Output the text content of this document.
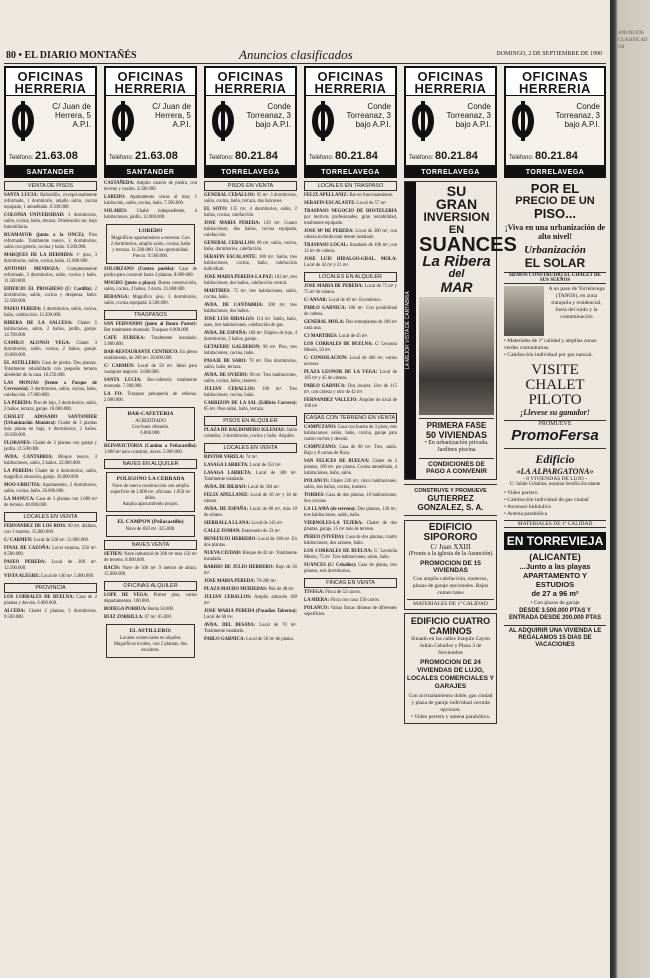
80 • EL DIARIO MONTAÑÉS	Anuncios clasificados	DOMINGO, 2 DE SEPTIEMBRE DE 1990
OFICINAS HERRERIA
C/ Juan de
Herrera, 5
A.P.I.
Teléfono: 21.63.08
SANTANDER
VENTA DE PISOS
SANTA LUCIA: Bañoidillo, excepcionalmente reformado, 1 dormitorio, amplio salón, cocina equipada, 1 amueblado. 8.500.000.
COLONIA UNIVERSIDAD: 3 dormitorios, salón, cocina, baño, terraza. Orientación sur, bajo Inmobiliaria.
RUAMAYOR (junto a la ONCE): Piso reformado. Totalmente nuevo, 3 dormitorios, salón con galería, cocina y baño. 9.500.000.
MARQUES DE LA HERMIDA: 1º piso, 3 dormitorios, salón, cocina, baño. 11.000.000.
ANTONIO MENDOZA: Completamente reformado, 3 dormitorios, salón, cocina y baño. 11.500.000.
EDIFICIO EL PROGRESO (C/ Castilla): 2 dormitorios, salón, cocina y despensa, baño. 12.500.000.
PASEO PEREDA: 3 dormitorios, salón, cocina, baño, calefacción. 13.200.000.
RIBERA DE LA SALCESA: Chalet 5 habitaciones, salón, 2 baños, jardín, garaje. 14.700.000.
CAMILO ALONSO VEGA: Chalet 3 dormitorios, salón, cocina, 2 baños, garaje. 16.000.000.
EL ASTILLERO: Casa de piedra. Dos plantas. Totalmente rehabilitada con pequeño terreno alrededor de la casa. 16.250.000.
LAS MONJAS (frente a Parque de Cervecería): 3 dormitorios, salón, cocina, baño, calefacción. 17.000.000.
LA PEREDA: Piso de lujo, 3 dormitorios, salón, 2 baños, terraza, garaje. 18.000.000.
CHALET ADOSADO SANTANDER (Urbanización Altamira): Chalet de 3 plantas más planta en baja, 4 dormitorios, 2 baños. 18.500.000.
FLORANES: Chalet de 3 plantas con garaje y jardín. 21.500.000.
AVDA. CANTABRIA: Bloque nuevo, 3 habitaciones, salón, 2 baños. 23.000.000.
LA PEREDA: Chalet de 4 dormitorios, salón, magnífica situación, garaje. 26.000.000.
MOO-URRUTIA: Apartamento, 2 dormitorios, salón, cocina, baño. 26.000.000.
LA MANUCA: Casa de 3 plantas con 1.000 m² de terreno. 40.000.000.
LOCALES EN VENTA
FERNANDEZ DE LOS RIOS: 60 m², diáfano, con 1 trastero. 15.000.000.
C/ CARMEN: Local de 220 m². 15.000.000.
FINAL DE CAZOÑA: Local esquina, 250 m². 8.500.000.
PASEO PEREDA: Local de 380 m². 12.500.000.
VISTA ALEGRE: Local de 140 m². 5.800.000.
PROVINCIA
LOS CORRALES DE BUELNA: Casa de 2 plantas y desván. 6.000.000.
ALCEDA: Chalet 2 plantas, 3 dormitorios. 9.500.000.
OFICINAS HERRERIA
C/ Juan de
Herrera, 5
A.P.I.
Teléfono: 21.63.08
SANTANDER
CASTAÑEDA: Amplio caserío de piedra, con terreno y cuadra. 4.500.000.
LAREDO: Apartamento vistas al mar, 1 habitación, salón, cocina, baño. 7.500.000.
SOLARES: Chalet independiente, 4 habitaciones, jardín. 12.000.000.
LOREDO
Magníficos apartamentos a estrenar. Con 2 dormitorios, amplio salón, cocina, baño y terraza. 11.500.000. Una oportunidad.
Precio: 9.500.000.
SOLORZANO (Centro pueblo): Casa de piedra para construir hasta 2 plantas. 8.000.000.
MOGRO (junto a playa): Buena construcción, salón, cocina, 2 baños, 3 dorm. 21.000.000.
BERANGA: Magnífico piso, 3 dormitorios, salón, cocina equipada. 6.500.000.
TRASPASOS
SAN FERNANDO (junto al Banco Pastor): Bar totalmente montado. Traspaso 6.000.000.
CAFE EUREKA: Totalmente instalado. 5.000.000.
BAR-RESTAURANTE CENTRICO: En pleno rendimiento, de 200 m². 20.000.000.
C/ CARMEN: Local de 50 m². Ideal para cualquier negocio. 3.600.000.
SANTA LUCIA: Bar-cafetería totalmente montado. 7.300.000.
LA FO: Traspaso peluquería de señoras. 2.000.000.
BAR-CAFETERIA
ACREDITADO
Con buen clientela.
6.000.000.
REINAVICTORIA (Camino a Peñacastillo): 1.000 m² para construir, naves. 5.000.000.
NAVES EN ALQUILER
POLIGONO LA CERRADA
Nave de nueva construcción con amplia superficie de 2.000 m², oficinas. 1.850 m² útiles.
Amplia aparcamiento propio.
EL CAMPON (Peñacastillo)
Nave de 850 m². 325.000.
NAVES VENTA
SETIEN: Nave industrial de 300 m² más 150 m² de terreno. 8.000.000.
RACIS: Nave de 500 m². 9 metros de altura. 15.000.000.
OFICINAS ALQUILER
LOPE DE VEGA: Primer piso, varios departamentos. 100.000.
BODEGA PORRUA: Renta 50.000.
RUIZ ZORRILLA: 67 m². 65.000.
EL ASTILLERO:
Locales comerciales en alquiler.
Magníficos locales, con 2 plantas, dos escaleras.
OFICINAS HERRERIA
Conde
Torreanaz, 3
bajo A.P.I.
Teléfono: 80.21.84
TORRELAVEGA
PISOS EN VENTA
GENERAL CEBALLOS: 95 m². 3 dormitorios, salón, cocina, baño, terraza, dos balcones.
EL SOTO: 135 m², 4 dormitorios, salón, 2 baños, cocina, calefacción.
JOSE MARIA PEREDA: 120 m². Cuatro habitaciones, dos baños, cocina equipada, calefacción.
GENERAL CEBALLOS: 86 m², salón, cocina, baño, dormitorios, calefacción.
SERAFIN ESCALANTE: 100 m². Salón, tres habitaciones, cocina, baño, calefacción individual.
JOSE MARIA PEREDA-LA PAZ: 103 m², tres habitaciones, dos baños, calefacción central.
MARTIRES: 75 m², tres habitaciones, salón, cocina, baño.
AVDA. DE CANTABRIA: 100 m², tres habitaciones, dos baños.
JOSE LUIS HIDALGO: 114 m². Salón, baño, aseo, tres habitaciones, calefacción de gas.
AVDA. DE ESPAÑA: 180 m². Dúplex de lujo, 4 dormitorios, 3 baños, garaje.
GETAFERU GALDERON: 90 m². Piso, tres habitaciones, cocina, baño.
PASAJE DE SARO: 70 m². Dos dormitorios, salón, baño, terraza.
AVDA. DE OVIEDO: 90 m². Tres habitaciones, salón, cocina, baño, trastero.
JULIAN CEBALLOS: 100 m². Tres habitaciones, cocina, baño.
CARRIZON DE LA SAL (Edificio Carrera): 85 m². Piso salón, baño, terraza.
PISOS EN ALQUILER
PLAZA DE BALDOMERO IGLESIAS: Salón comedor, 3 dormitorios, cocina y baño. Alquiler.
LOCALES EN VENTA
RINTOR VARELA: 74 m².
LASAGA LARRETA: Local de 353 m².
LASAGA LARRETA: Local de 300 m². Totalmente instalado.
AVDA. DE BILBAO: Local de 304 m².
FELIX APELLANIZ: Local de 50 m² y 30 de sótano.
AVDA. DE ESPAÑA: Local de 80 m², más 10 de sótano.
SIERRALLA LLANA: Local de 145 m².
CALLE FOMAN: Entresuelo de 33 m².
BENEFICIO HERRERO: Local de 180 m². En dos plantas.
NUEVA CIUDAD: Bloque de 43 m². Totalmente instalado.
BARRIO DE JULIO HERRERO: Bajo de 26 m².
JOSE MARIA PEREDA: 70-200 m².
PLAZA MAURO MURIEDAS: Pub de 48 m².
JULIAN CEBALLOS: Amplio almacén 180 m².
JOSE MARIA PEREDA (Pasadizo Taberna): Local de 60 m².
AVDA. DEL BESAYA: Local de 70 m². Totalmente instalado.
PABLO GARNICA: Local de 50 m² de planta.
OFICINAS HERRERIA
Conde
Torreanaz, 3
bajo A.P.I.
Teléfono: 80.21.84
TORRELAVEGA
LOCALES EN TRASPASO
FELIX APELLANIZ: Bar en funcionamiento.
SERAFIN ESCALANTE: Local de 57 m².
TRASPASO NEGOCIO DE HOSTELERIA por motivos profesionales, gran rentabilidad, totalmente equipado.
JOSE Mª DE PEREDA: Local de 200 m², con cabeza incluida total mente instalado.
TRASPASO LOCAL: Instalado de 100 m², con 12 m² de cabeza.
JOSE LUIS HIDALGO-GRAL. MOLA: Local de 42 m² y 21 m².
LOCALES EN ALQUILER
JOSE MARIA DE PEREDA: Local de 75 m² y 75 m² de sótano.
C/ ANSAR: Local de 40 m². Económico.
PABLO GARNICA: 100 m². Con posibilidad de cabeza.
GENERAL MOLA: Dos entreplantas de 180 m² cada una.
CJ MARTIRES: Local de 45 m².
LOS CORRALES DE BUELNA: C/ Leonora Mesón, 50 m².
C/ CONSOLACION: Local de 400 m², varios accesos.
PLAZA LEONOR DE LA VEGA: Local de 185 m² y 45 de cabeza.
PABLO GARNICA: Dos locales. Uno de 115 m², con cabeza y otro de 42 m².
FERNANDEZ VALLEJO: Alquiler de local de 100 m².
CASAS CON TERRENO EN VENTA
CAMPUZANO: Casa con huerta de 3 pisos, tres habitaciones, salón, baño, cocina, garaje para cuatro coches y desván.
CAMPUZANO: Casa de 80 m². Tres, salón. Bajo y 8 camas de finca.
SAN FELICES DE BUELNA: Chalet de 2 plantas, 100 m², por planta. Cocina amueblada, 4 habitaciones, baño, salón.
POLANCO: Chalet 220 m², cinco habitaciones, salón, dos baños, cocina, trastero.
TORRES: Casa de dos plantas, 10 habitaciones, dos cocinas.
LA LLAMA (de terreno): Dos plantas, 130 m², tres habitaciones, salón, baño.
VIERNOLES-LA TEJERA: Chalet de dos plantas, garaje, 15 m² más de terreno.
PEREO (VIVEDA): Casa de dos plantas, cuatro habitaciones, dos salones, baño.
LOS CORRALES DE BUELNA: C/ Leonolía Mesón, 75 m². Tres habitaciones, salón, baño.
SUANCES (C/ Ceballos): Casa de planta, tres plantas, seis dormitorios.
FINCAS EN VENTA
TIVEGA: Finca de 52 carros.
LA MIERA: Finca con casa 150 carros.
POLANCO: Varias fincas idóneas de diferentes superficies.
OFICINAS HERRERIA
Conde
Torreanaz, 3
bajo A.P.I.
Teléfono: 80.21.84
TORRELAVEGA
LA MEJOR VISTA DE CANTABRIA
SU
GRAN
INVERSION
EN
SUANCES
La Ribera
del
MAR
PRIMERA FASE
50 VIVIENDAS
• En urbanización privada. Jardines piscina
CONDICIONES DE PAGO A CONVENIR
CONSTRUYE Y PROMUEVE
GUTIERREZ
GONZALEZ, S. A.
EDIFICIO SIPORORO
C/ Juan XXIII
(Frente a la iglesia de la Asunción)
PROMOCION DE 15 VIVIENDAS
Con amplia calefacción, trasteros, plazas de garaje opcionales. Bajos comerciales
MATERIALES DE 1ª CALIDAD
EDIFICIO CUATRO CAMINOS
Situado en las calles Joaquín Cayón Julián Ceballos y Plaza 3 de Noviembre
PROMOCION DE 24 VIVIENDAS DE LUJO, LOCALES COMERCIALES Y GARAJES
Con acristalamiento doble, gas ciudad y plaza de garaje individual cerrada opcional.
• Video portero y antena parabólica.
OFICINAS HERRERIA
Conde
Torreanaz, 3
bajo A.P.I.
Teléfono: 80.21.84
TORRELAVEGA
POR EL
PRECIO DE UN
PISO...
¡Viva en una urbanización de alto nivel!
Urbanización
EL SOLAR
HEMOS CONSTRUIDO EL CHALET DE SUS SUEÑOS
A un paso de Torrelavega (TANOS), en zona tranquila y residencial, fuera del ruido y la contaminación
• Materiales de 1ª calidad y amplias zonas verdes comunitarias.
• Calefacción individual por gas natural.
VISITE
CHALET
PILOTO
¡Llevese su ganador!
PROMUEVE
PromoFersa
Edificio
«LA ALPARGATONA»
- 8 VIVIENDAS DE LUJO -
C/ Julián Ceballos, esquina Serafín Escalante
• Video portero
• Calefacción individual de gas ciudad
• Ascensor hidráulico
• Antena parabólica
MATERIALES DE 1ª CALIDAD
EN TORREVIEJA
(ALICANTE)
...Junto a las playas
APARTAMENTO Y ESTUDIOS
de 27 a 96 m²
• Con plazas de garaje
DESDE 3.500.000 PTAS Y ENTRADA DESDE 200.000 PTAS
AL ADQUIRIR UNA VIVIENDA LE REGALAMOS 15 DIAS DE VACACIONES
ANUNCIOS CLASIFICADOS
